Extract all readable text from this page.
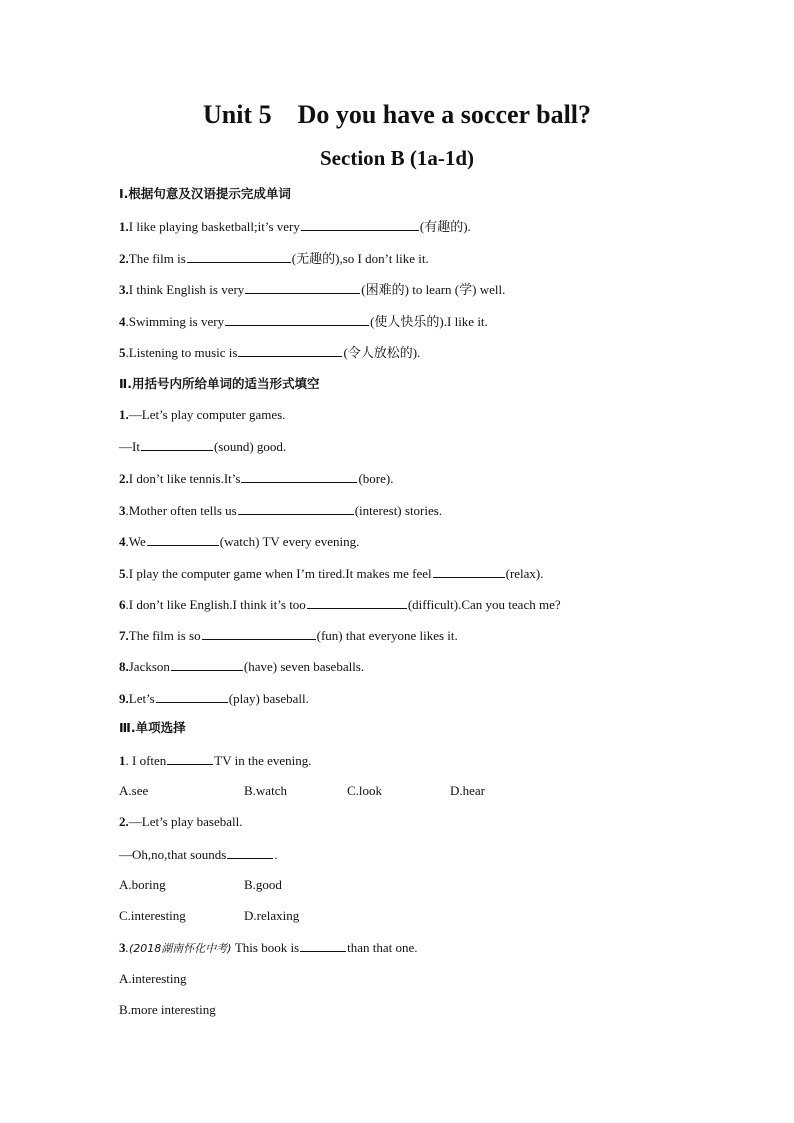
Unit 5    Do you have a soccer ball?
Section B (1a-1d)
Ⅰ.根据句意及汉语提示完成单词
1.I like playing basketball;it’s very	(有趣的).
2.The film is	(无趣的),so I don’t like it.
3.I think English is very	(困难的) to learn (学) well.
4.Swimming is very	(使人快乐的).I like it.
5.Listening to music is	(令人放松的).
Ⅱ.用括号内所给单词的适当形式填空
1.—Let’s play computer games.
—It	(sound) good.
2.I don’t like tennis.It’s	(bore).
3.Mother often tells us	(interest) stories.
4.We	(watch) TV every evening.
5.I play the computer game when I’m tired.It makes me feel	(relax).
6.I don’t like English.I think it’s too	(difficult).Can you teach me?
7.The film is so	(fun) that everyone likes it.
8.Jackson	(have) seven baseballs.
9.Let’s	(play) baseball.
Ⅲ.单项选择
1. I often	TV in the evening.
A.see	B.watch	C.look	D.hear
2.—Let’s play baseball.
—Oh,no,that sounds	.
A.boring	B.good
C.interesting	D.relaxing
3.(2018湖南怀化中考) This book is	than that one.
A.interesting
B.more interesting
